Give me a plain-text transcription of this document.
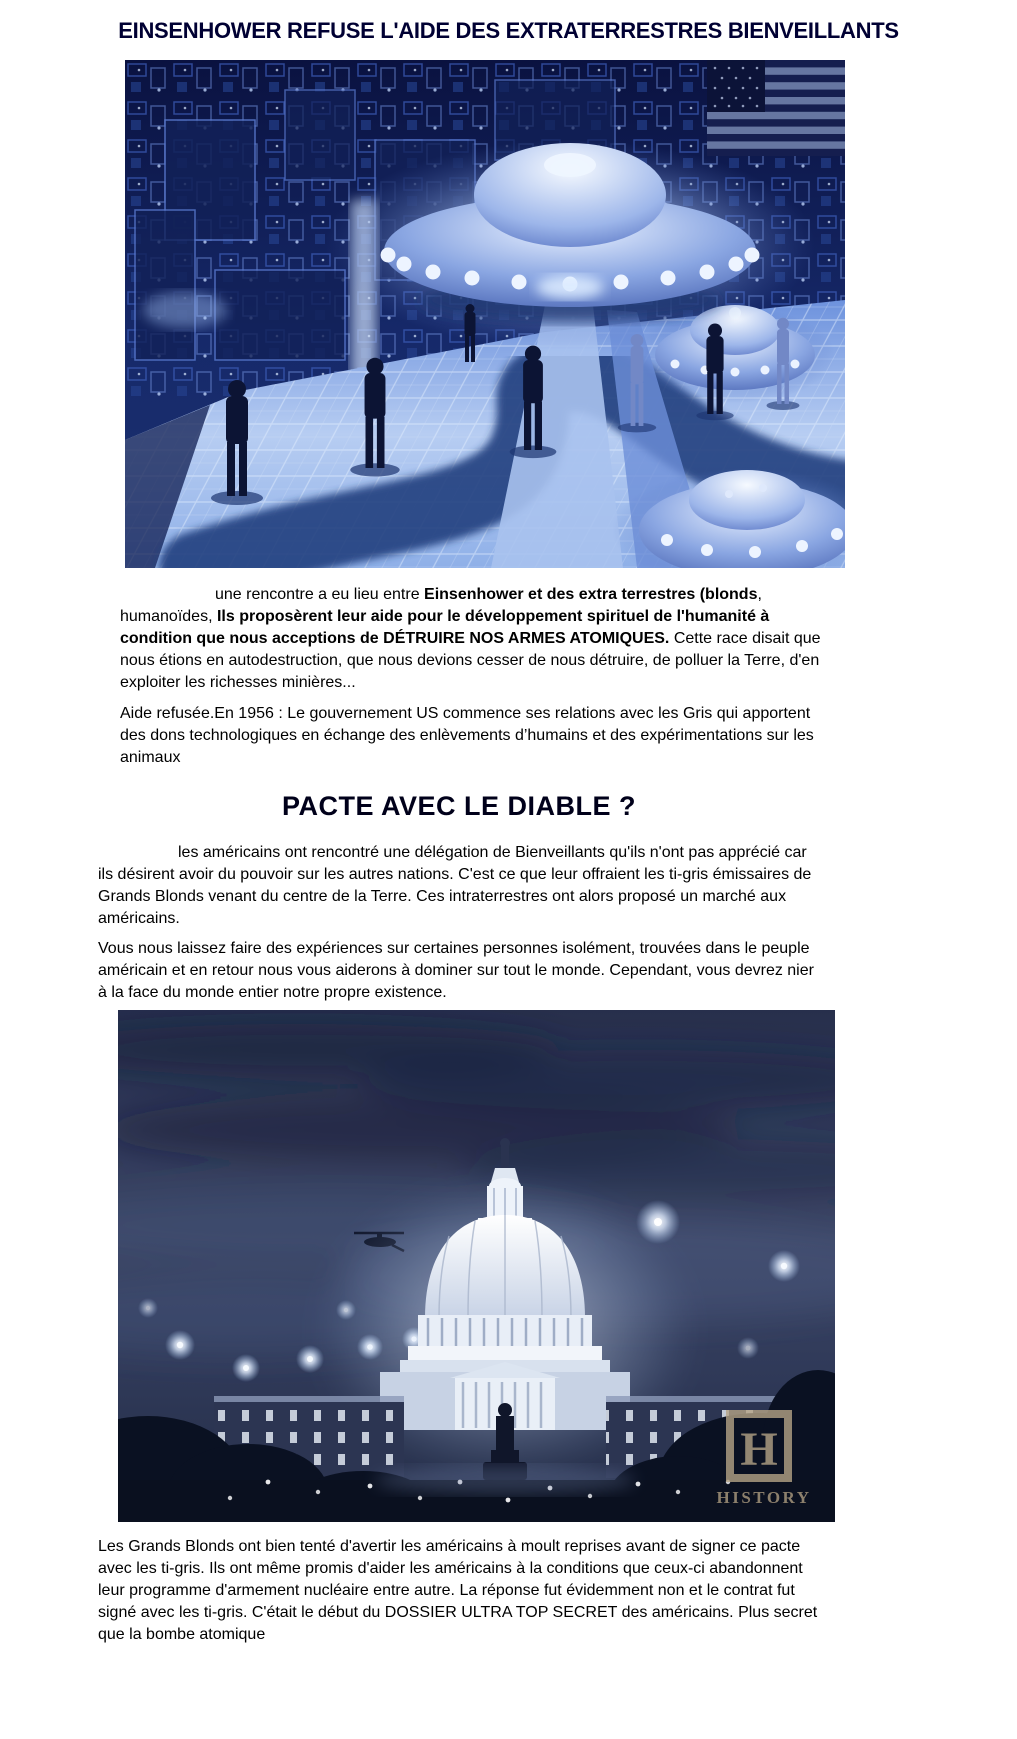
EINSENHOWER REFUSE L'AIDE DES EXTRATERRESTRES BIENVEILLANTS

une rencontre a eu lieu entre Einsenhower et des extra terrestres (blonds, humanoïdes, Ils proposèrent leur aide pour le développement spirituel de l'humanité à condition que nous acceptions de DÉTRUIRE NOS ARMES ATOMIQUES. Cette race disait que nous étions en autodestruction, que nous devions cesser de nous détruire, de polluer la Terre, d'en exploiter les richesses minières...

Aide refusée.En 1956 : Le gouvernement US commence ses relations avec les Gris qui apportent des dons technologiques en échange des enlèvements d’humains et des expérimentations sur les animaux

PACTE AVEC LE DIABLE ?

les américains ont rencontré une délégation de Bienveillants qu'ils n'ont pas apprécié car ils désirent avoir du pouvoir sur les autres nations. C'est ce que leur offraient les ti-gris émissaires de Grands Blonds venant du centre de la Terre. Ces intraterrestres ont alors proposé un marché aux américains.

Vous nous laissez faire des expériences sur certaines personnes isolément, trouvées dans le peuple américain et en retour nous vous aiderons à dominer sur tout le monde. Cependant, vous devrez nier à la face du monde entier notre propre existence.

H
HISTORY

Les Grands Blonds ont bien tenté d'avertir les américains à moult reprises avant de signer ce pacte avec les ti-gris. Ils ont même promis d'aider les américains à la conditions que ceux-ci abandonnent leur programme d'armement nucléaire entre autre. La réponse fut évidemment non et le contrat fut signé avec les ti-gris. C'était le début du DOSSIER ULTRA TOP SECRET des américains. Plus secret que la bombe atomique
